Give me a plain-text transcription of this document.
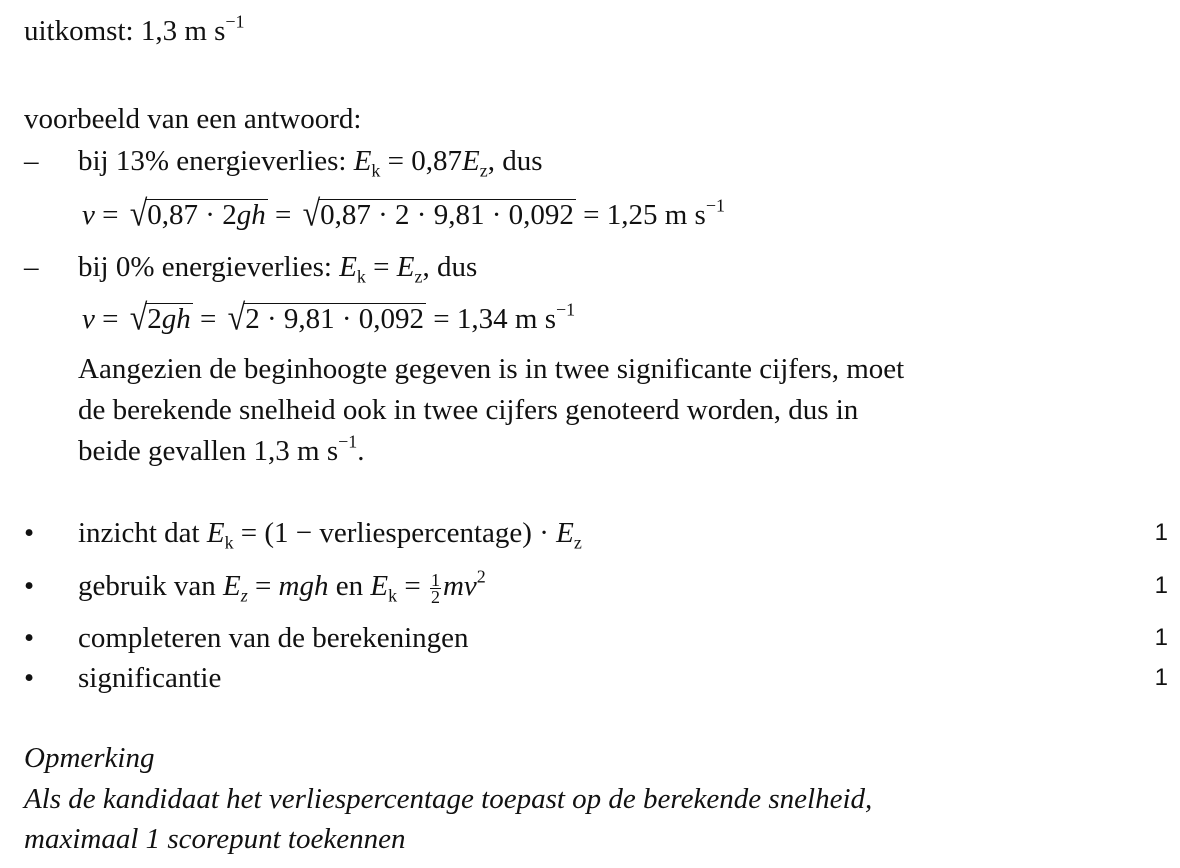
uitkomst: 1,3 m $s^{-1}$
voorbeeld van een antwoord:
– bij 13% energieverlies: $E_k = 0,87E_z$, dus
v = √0,87 · 2gh = √0,87 · 2 · 9,81 · 0,092 = 1,25 m $s^{-1}$
– bij 0% energieverlies: $E_k = E_z$, dus
v = √2gh = √2 · 9,81 · 0,092 = 1,34 m $s^{-1}$
Aangezien de beginhoogte gegeven is in twee significante cijfers, moet
de berekende snelheid ook in twee cijfers genoteerd worden, dus in
beide gevallen 1,3 m $s^{-1}$.
• inzicht dat $E_k = (1$ − verliespercentage) · $E_z$	1
• gebruik van $E_z$ = mgh en $E_k = \frac{1}{2} mv^2$	1
• completeren van de berekeningen	1
• significantie	1
Opmerking
Als de kandidaat het verliespercentage toepast op de berekende snelheid,
maximaal 1 scorepunt toekennen
